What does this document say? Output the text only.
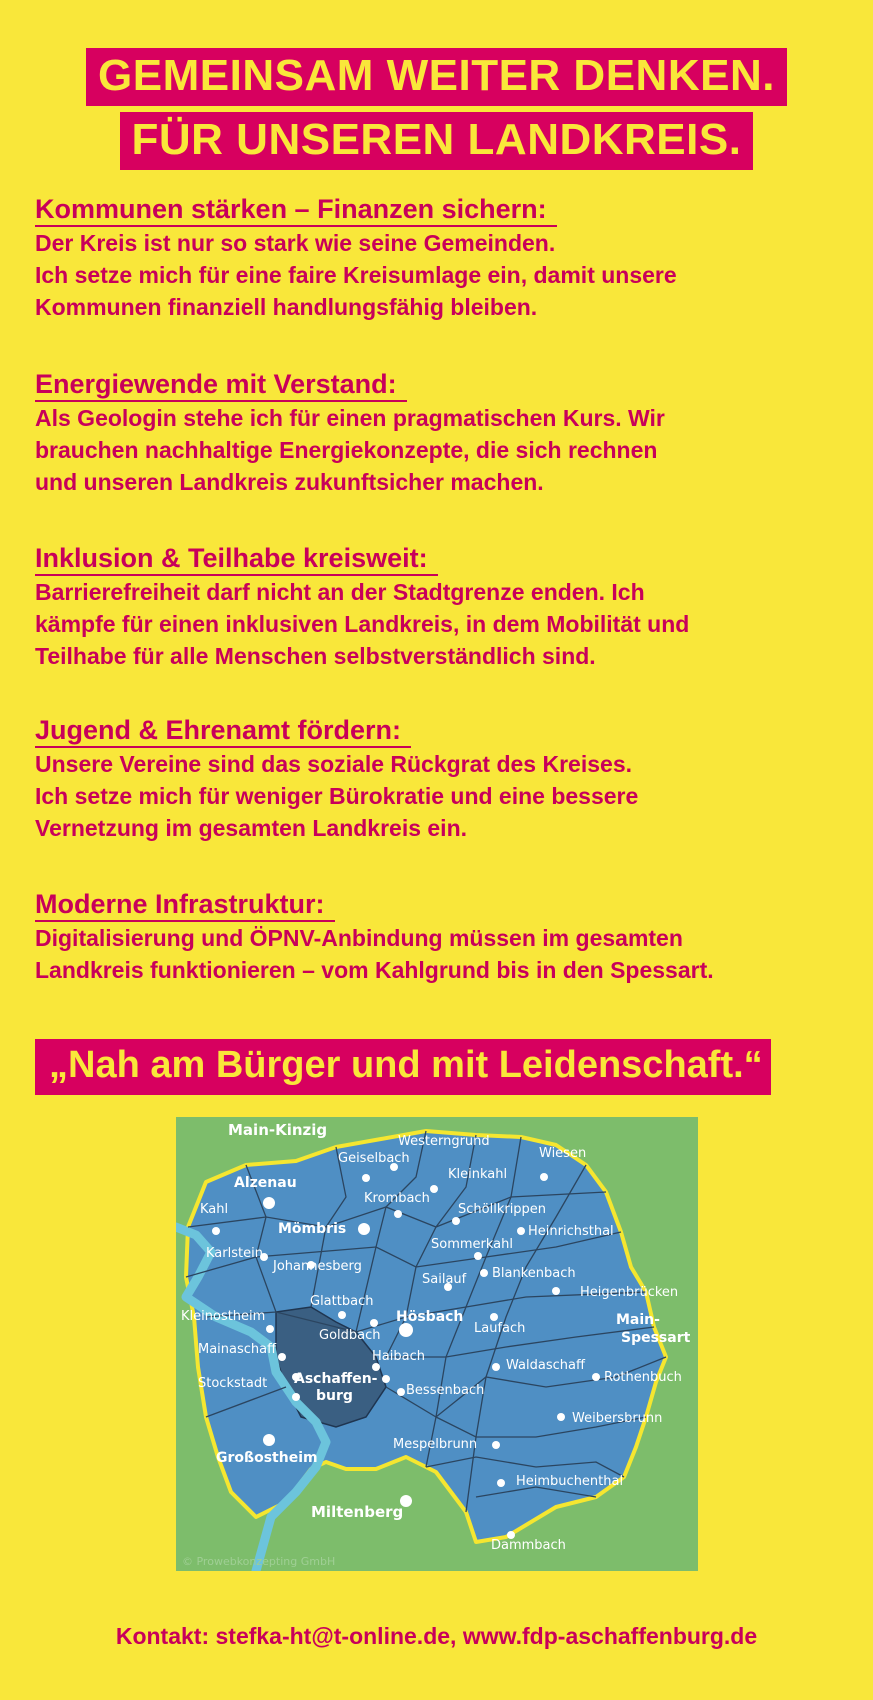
GEMEINSAM WEITER DENKEN.
FÜR UNSEREN LANDKREIS.
Kommunen stärken – Finanzen sichern:
Der Kreis ist nur so stark wie seine Gemeinden.
Ich setze mich für eine faire Kreisumlage ein, damit unsere
Kommunen finanziell handlungsfähig bleiben.
Energiewende mit Verstand:
Als Geologin stehe ich für einen pragmatischen Kurs. Wir
brauchen nachhaltige Energiekonzepte, die sich rechnen
und unseren Landkreis zukunftsicher machen.
Inklusion & Teilhabe kreisweit:
Barrierefreiheit darf nicht an der Stadtgrenze enden. Ich
kämpfe für einen inklusiven Landkreis, in dem Mobilität und
Teilhabe für alle Menschen selbstverständlich sind.
Jugend & Ehrenamt fördern:
Unsere Vereine sind das soziale Rückgrat des Kreises.
Ich setze mich für weniger Bürokratie und eine bessere
Vernetzung im gesamten Landkreis ein.
Moderne Infrastruktur:
Digitalisierung und ÖPNV-Anbindung müssen im gesamten
Landkreis funktionieren – vom Kahlgrund bis in den Spessart.
„Nah am Bürger und mit Leidenschaft.“
Main-Kinzig
Main-
Spessart
Miltenberg
Westerngrund
Geiselbach	Wiesen
Kleinkahl
Alzenau
Krombach
Schöllkrippen
Kahl
Mömbris	Heinrichsthal
Sommerkahl
Karlstein
Johannesberg
Sailauf Blankenbach
Heigenbrücken
Glattbach
Kleinostheim	Hösbach
Laufach
Goldbach
Mainaschaff	Haibach
Waldaschaff
Aschaffen-
burg
Rothenbuch
Stockstadt	Bessenbach
Weibersbrunn
Mespelbrunn
Großostheim
Heimbuchenthal
Dammbach
© Prowebkonzepting GmbH
Kontakt: stefka-ht@t-online.de, www.fdp-aschaffenburg.de
